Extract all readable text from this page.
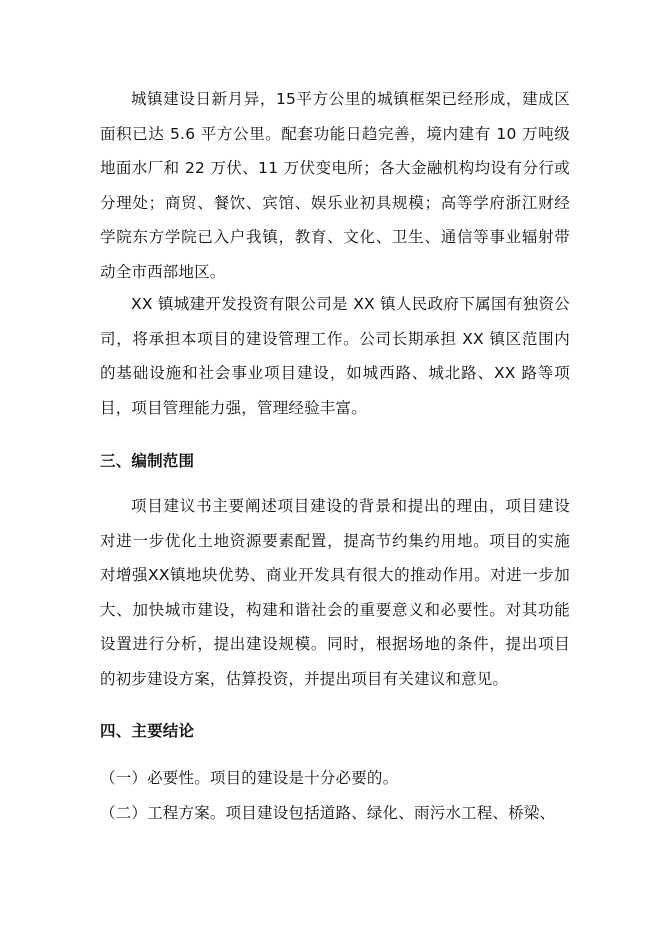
城镇建设日新月异，15平方公里的城镇框架已经形成，建成区面积已达 5.6 平方公里。配套功能日趋完善，境内建有 10 万吨级地面水厂和 22 万伏、11 万伏变电所；各大金融机构均设有分行或分理处；商贸、餐饮、宾馆、娱乐业初具规模；高等学府浙江财经学院东方学院已入户我镇，教育、文化、卫生、通信等事业辐射带动全市西部地区。

XX 镇城建开发投资有限公司是 XX 镇人民政府下属国有独资公司，将承担本项目的建设管理工作。公司长期承担 XX 镇区范围内的基础设施和社会事业项目建设，如城西路、城北路、XX 路等项目，项目管理能力强，管理经验丰富。

三、编制范围

项目建议书主要阐述项目建设的背景和提出的理由，项目建设对进一步优化土地资源要素配置，提高节约集约用地。项目的实施对增强XX镇地块优势、商业开发具有很大的推动作用。对进一步加大、加快城市建设，构建和谐社会的重要意义和必要性。对其功能设置进行分析，提出建设规模。同时，根据场地的条件，提出项目的初步建设方案，估算投资，并提出项目有关建议和意见。

四、主要结论

（一）必要性。项目的建设是十分必要的。

（二）工程方案。项目建设包括道路、绿化、雨污水工程、桥梁、
